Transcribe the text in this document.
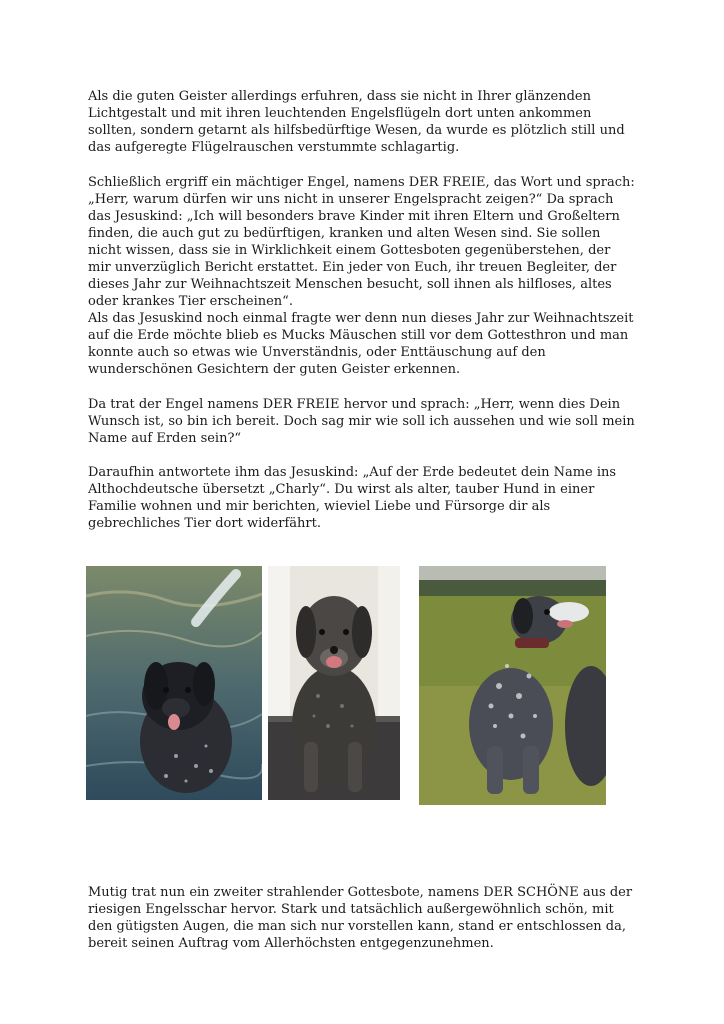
Als die guten Geister allerdings erfuhren, dass sie nicht in Ihrer glänzenden Lichtgestalt und mit ihren leuchtenden Engelsflügeln dort unten ankommen sollten, sondern getarnt als hilfsbedürftige Wesen, da wurde es plötzlich still und das aufgeregte Flügelrauschen verstummte schlagartig.

Schließlich ergriff ein mächtiger Engel, namens DER FREIE, das Wort und sprach: „Herr, warum dürfen wir uns nicht in unserer Engelspracht zeigen?“ Da sprach das Jesuskind: „Ich will besonders brave Kinder mit ihren Eltern und Großeltern finden, die auch gut zu bedürftigen, kranken und alten Wesen sind. Sie sollen nicht wissen, dass sie in Wirklichkeit einem Gottesboten gegenüberstehen, der mir unverzüglich Bericht erstattet. Ein jeder von Euch, ihr treuen Begleiter, der dieses Jahr zur Weihnachtszeit Menschen besucht, soll ihnen als hilfloses, altes oder krankes Tier erscheinen“.

Als das Jesuskind noch einmal fragte wer denn nun dieses Jahr zur Weihnachtszeit auf die Erde möchte blieb es Mucks Mäuschen still vor dem Gottesthron und man konnte auch so etwas wie Unverständnis, oder Enttäuschung auf den wunderschönen Gesichtern der guten Geister erkennen.

Da trat der Engel namens DER FREIE hervor und sprach: „Herr, wenn dies Dein Wunsch ist, so bin ich bereit. Doch sag mir wie soll ich aussehen und wie soll mein Name auf Erden sein?“

Daraufhin antwortete ihm das Jesuskind: „Auf der Erde bedeutet dein Name ins Althochdeutsche übersetzt „Charly“. Du wirst als alter, tauber Hund in einer Familie wohnen und mir berichten, wieviel Liebe und Fürsorge dir als gebrechliches Tier dort widerfährt.

Mutig trat nun ein zweiter strahlender Gottesbote, namens DER SCHÖNE aus der riesigen Engelsschar hervor. Stark und tatsächlich außergewöhnlich schön, mit den gütigsten Augen, die man sich nur vorstellen kann, stand er entschlossen da, bereit seinen Auftrag vom Allerhöchsten entgegenzunehmen.
